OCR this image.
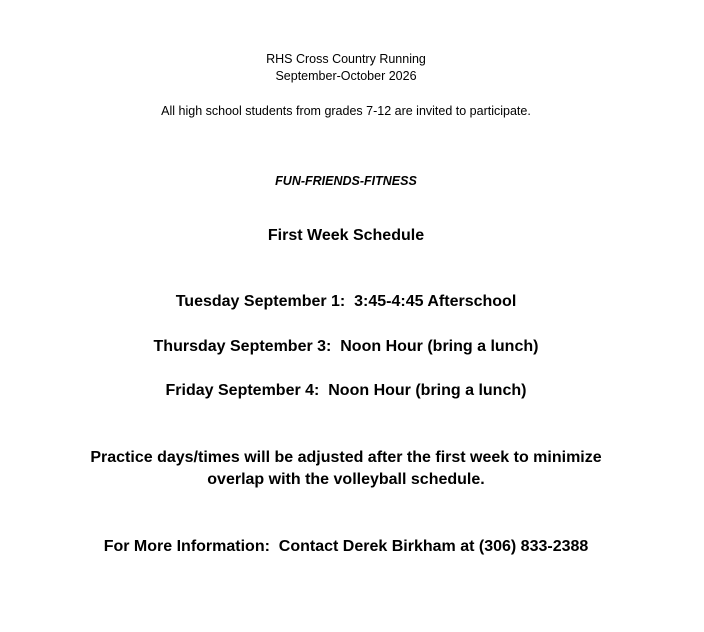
RHS Cross Country Running
September-October 2026
All high school students from grades 7-12 are invited to participate.
FUN-FRIENDS-FITNESS
First Week Schedule
Tuesday September 1:  3:45-4:45 Afterschool
Thursday September 3:  Noon Hour (bring a lunch)
Friday September 4:  Noon Hour (bring a lunch)
Practice days/times will be adjusted after the first week to minimize overlap with the volleyball schedule.
For More Information:  Contact Derek Birkham at (306) 833-2388
